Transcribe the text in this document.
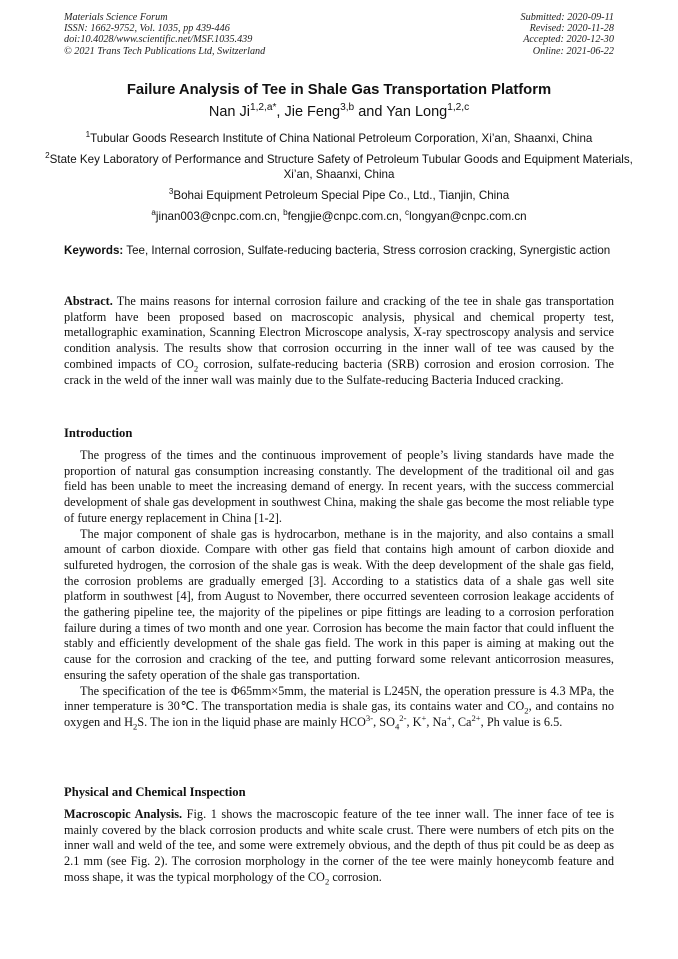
Materials Science Forum
ISSN: 1662-9752, Vol. 1035, pp 439-446
doi:10.4028/www.scientific.net/MSF.1035.439
© 2021 Trans Tech Publications Ltd, Switzerland
Submitted: 2020-09-11
Revised: 2020-11-28
Accepted: 2020-12-30
Online: 2021-06-22
Failure Analysis of Tee in Shale Gas Transportation Platform
Nan $Ji^{1,2,a*}$, Jie Feng$^{3,b}$ and Yan Long$^{1,2,c}$
$^1$Tubular Goods Research Institute of China National Petroleum Corporation, Xi’an, Shaanxi, China
$^2$State Key Laboratory of Performance and Structure Safety of Petroleum Tubular Goods and Equipment Materials, Xi’an, Shaanxi, China
$^3$Bohai Equipment Petroleum Special Pipe Co., Ltd., Tianjin, China
$^a$jinan003@cnpc.com.cn, $^b$fengjie@cnpc.com.cn, $^c$longyan@cnpc.com.cn
Keywords: Tee, Internal corrosion, Sulfate-reducing bacteria, Stress corrosion cracking, Synergistic action

Abstract. The mains reasons for internal corrosion failure and cracking of the tee in shale gas transportation platform have been proposed based on macroscopic analysis, physical and chemical property test, metallographic examination, Scanning Electron Microscope analysis, X-ray spectroscopy analysis and service condition analysis. The results show that corrosion occurring in the inner wall of tee was caused by the combined impacts of $CO_2$ corrosion, sulfate-reducing bacteria (SRB) corrosion and erosion corrosion. The crack in the weld of the inner wall was mainly due to the Sulfate-reducing Bacteria Induced cracking.

Introduction

The progress of the times and the continuous improvement of people’s living standards have made the proportion of natural gas consumption increasing constantly. The development of the traditional oil and gas field has been unable to meet the increasing demand of energy. In recent years, with the success commercial development of shale gas development in southwest China, making the shale gas become the most reliable type of future energy replacement in China [1-2].

The major component of shale gas is hydrocarbon, methane is in the majority, and also contains a small amount of carbon dioxide. Compare with other gas field that contains high amount of carbon dioxide and sulfureted hydrogen, the corrosion of the shale gas is weak. With the deep development of the shale gas field, the corrosion problems are gradually emerged [3]. According to a statistics data of a shale gas well site platform in southwest [4], from August to November, there occurred seventeen corrosion leakage accidents of the gathering pipeline tee, the majority of the pipelines or pipe fittings are leading to a corrosion perforation failure during a times of two month and one year. Corrosion has become the main factor that could influent the stably and efficiently development of the shale gas field. The work in this paper is aiming at making out the cause for the corrosion and cracking of the tee, and putting forward some relevant anticorrosion measures, ensuring the safety operation of the shale gas transportation.

The specification of the tee is Φ65mm×5mm, the material is L245N, the operation pressure is 4.3 MPa, the inner temperature is 30℃. The transportation media is shale gas, its contains water and $CO_2$, and contains no oxygen and $H_2S$. The ion in the liquid phase are mainly $HCO^{3-}$, $SO_4^{2-}$, K+, Na+, $Ca^{2+}$, Ph value is 6.5.

Physical and Chemical Inspection

Macroscopic Analysis. Fig. 1 shows the macroscopic feature of the tee inner wall. The inner face of tee is mainly covered by the black corrosion products and white scale crust. There were numbers of etch pits on the inner wall and weld of the tee, and some were extremely obvious, and the depth of thus pit could be as deep as 2.1 mm (see Fig. 2). The corrosion morphology in the corner of the tee were mainly honeycomb feature and moss shape, it was the typical morphology of the $CO_2$ corrosion.
